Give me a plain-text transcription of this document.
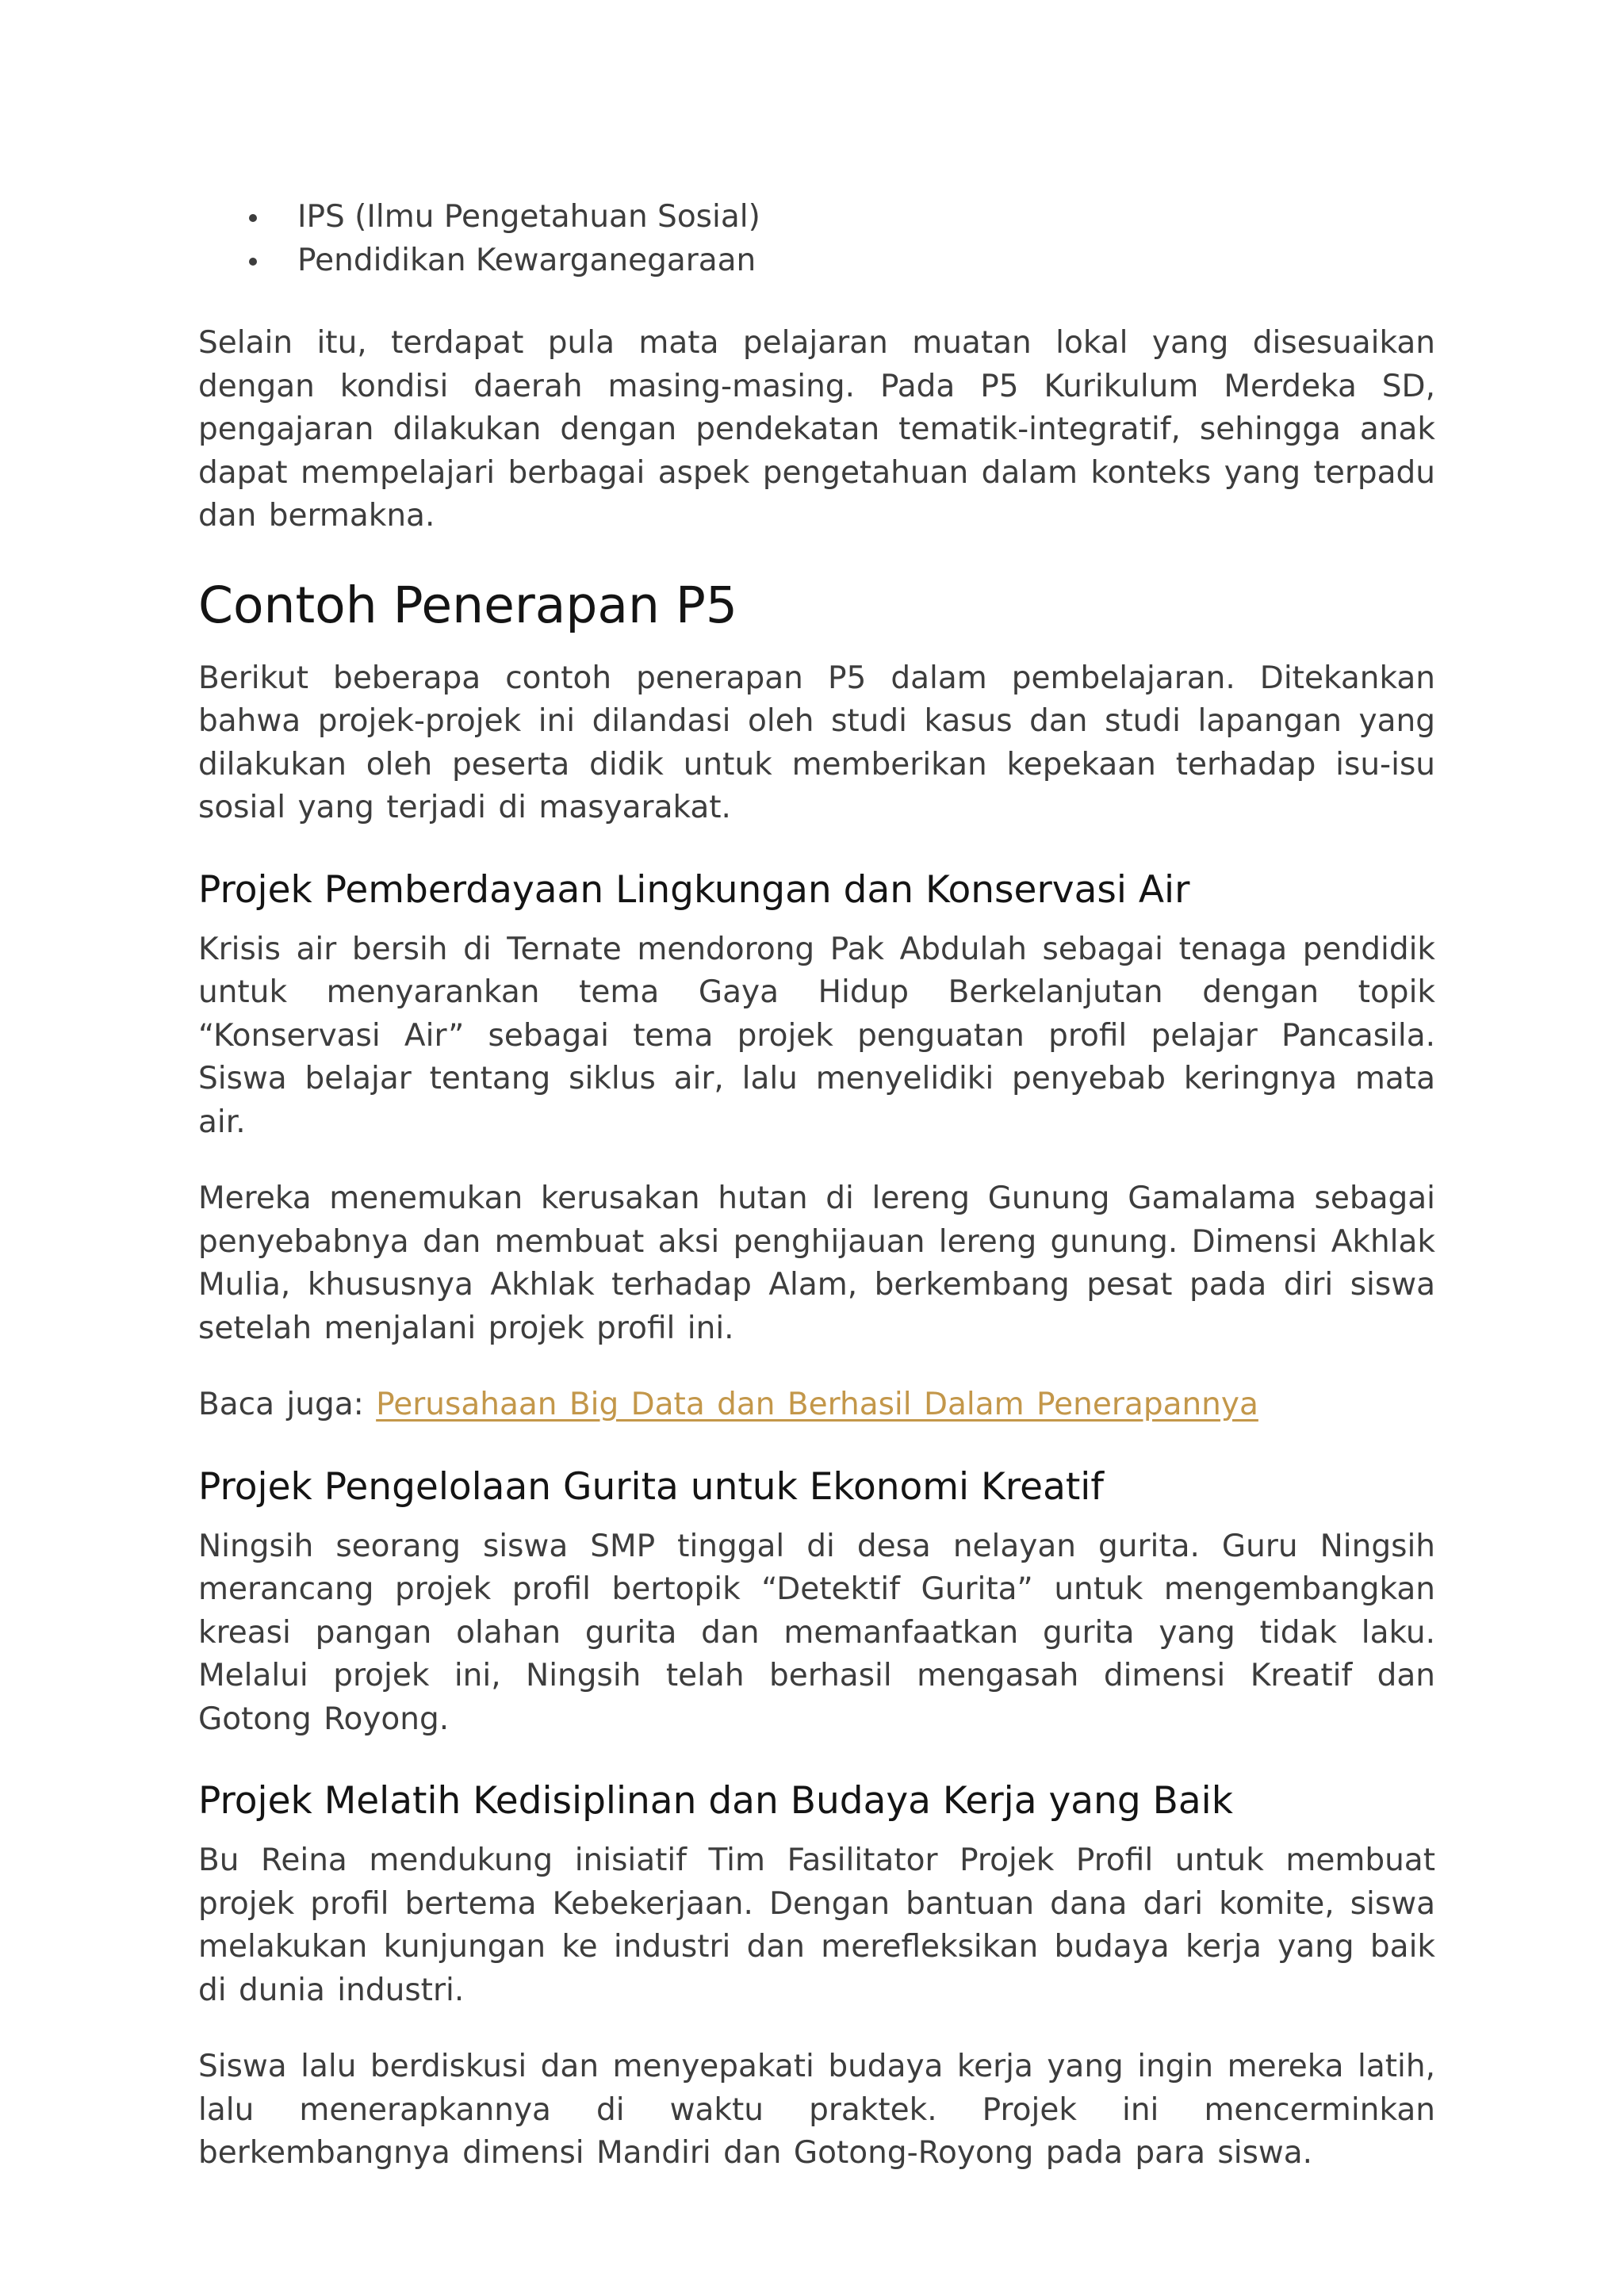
IPS (Ilmu Pengetahuan Sosial)
Pendidikan Kewarganegaraan

Selain itu, terdapat pula mata pelajaran muatan lokal yang disesuaikan dengan kondisi daerah masing-masing. Pada P5 Kurikulum Merdeka SD, pengajaran dilakukan dengan pendekatan tematik-integratif, sehingga anak dapat mempelajari berbagai aspek pengetahuan dalam konteks yang terpadu dan bermakna.

Contoh Penerapan P5

Berikut beberapa contoh penerapan P5 dalam pembelajaran. Ditekankan bahwa projek-projek ini dilandasi oleh studi kasus dan studi lapangan yang dilakukan oleh peserta didik untuk memberikan kepekaan terhadap isu-isu sosial yang terjadi di masyarakat.

Projek Pemberdayaan Lingkungan dan Konservasi Air

Krisis air bersih di Ternate mendorong Pak Abdulah sebagai tenaga pendidik untuk menyarankan tema Gaya Hidup Berkelanjutan dengan topik “Konservasi Air” sebagai tema projek penguatan profil pelajar Pancasila. Siswa belajar tentang siklus air, lalu menyelidiki penyebab keringnya mata air.

Mereka menemukan kerusakan hutan di lereng Gunung Gamalama sebagai penyebabnya dan membuat aksi penghijauan lereng gunung. Dimensi Akhlak Mulia, khususnya Akhlak terhadap Alam, berkembang pesat pada diri siswa setelah menjalani projek profil ini.

Baca juga: Perusahaan Big Data dan Berhasil Dalam Penerapannya

Projek Pengelolaan Gurita untuk Ekonomi Kreatif

Ningsih seorang siswa SMP tinggal di desa nelayan gurita. Guru Ningsih merancang projek profil bertopik “Detektif Gurita” untuk mengembangkan kreasi pangan olahan gurita dan memanfaatkan gurita yang tidak laku. Melalui projek ini, Ningsih telah berhasil mengasah dimensi Kreatif dan Gotong Royong.

Projek Melatih Kedisiplinan dan Budaya Kerja yang Baik

Bu Reina mendukung inisiatif Tim Fasilitator Projek Profil untuk membuat projek profil bertema Kebekerjaan. Dengan bantuan dana dari komite, siswa melakukan kunjungan ke industri dan merefleksikan budaya kerja yang baik di dunia industri.

Siswa lalu berdiskusi dan menyepakati budaya kerja yang ingin mereka latih, lalu menerapkannya di waktu praktek. Projek ini mencerminkan berkembangnya dimensi Mandiri dan Gotong-Royong pada para siswa.
